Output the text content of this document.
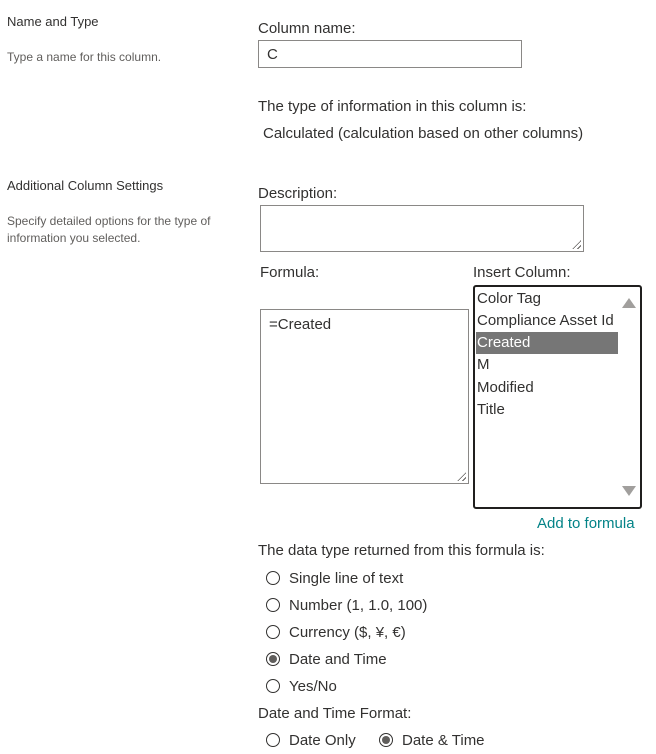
Name and Type
Type a name for this column.
Column name:
C
The type of information in this column is:
Calculated (calculation based on other columns)
Additional Column Settings
Specify detailed options for the type of
information you selected.
Description:
Formula:
=Created	Insert Column:
Color Tag
Compliance Asset Id
Created
M
Modified
Title
Add to formula
The data type returned from this formula is:
Single line of text
Number (1, 1.0, 100)
Currency ($, ¥, €)
Date and Time
Yes/No
Date and Time Format:
Date Only	Date & Time
